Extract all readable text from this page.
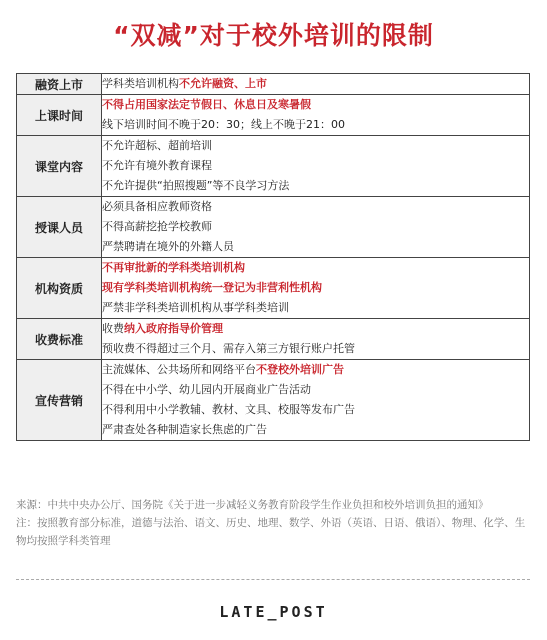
“双减”对于校外培训的限制
融资上市	学科类培训机构不允许融资、上市

上课时间	不得占用国家法定节假日、休息日及寒暑假
线下培训时间不晚于20：30；线上不晚于21：00

课堂内容	不允许超标、超前培训
不允许有境外教育课程
不允许提供“拍照搜题”等不良学习方法

授课人员	必须具备相应教师资格
不得高薪挖抢学校教师
严禁聘请在境外的外籍人员

机构资质	不再审批新的学科类培训机构
现有学科类培训机构统一登记为非营利性机构
严禁非学科类培训机构从事学科类培训

收费标准	收费纳入政府指导价管理
预收费不得超过三个月、需存入第三方银行账户托管

宣传营销	主流媒体、公共场所和网络平台不登校外培训广告
不得在中小学、幼儿园内开展商业广告活动
不得利用中小学教辅、教材、文具、校服等发布广告
严肃查处各种制造家长焦虑的广告
来源：中共中央办公厅、国务院《关于进一步减轻义务教育阶段学生作业负担和校外培训负担的通知》
注：按照教育部分标准，道德与法治、语文、历史、地理、数学、外语（英语、日语、俄语）、物理、化学、生物均按照学科类管理
LATE_POST
